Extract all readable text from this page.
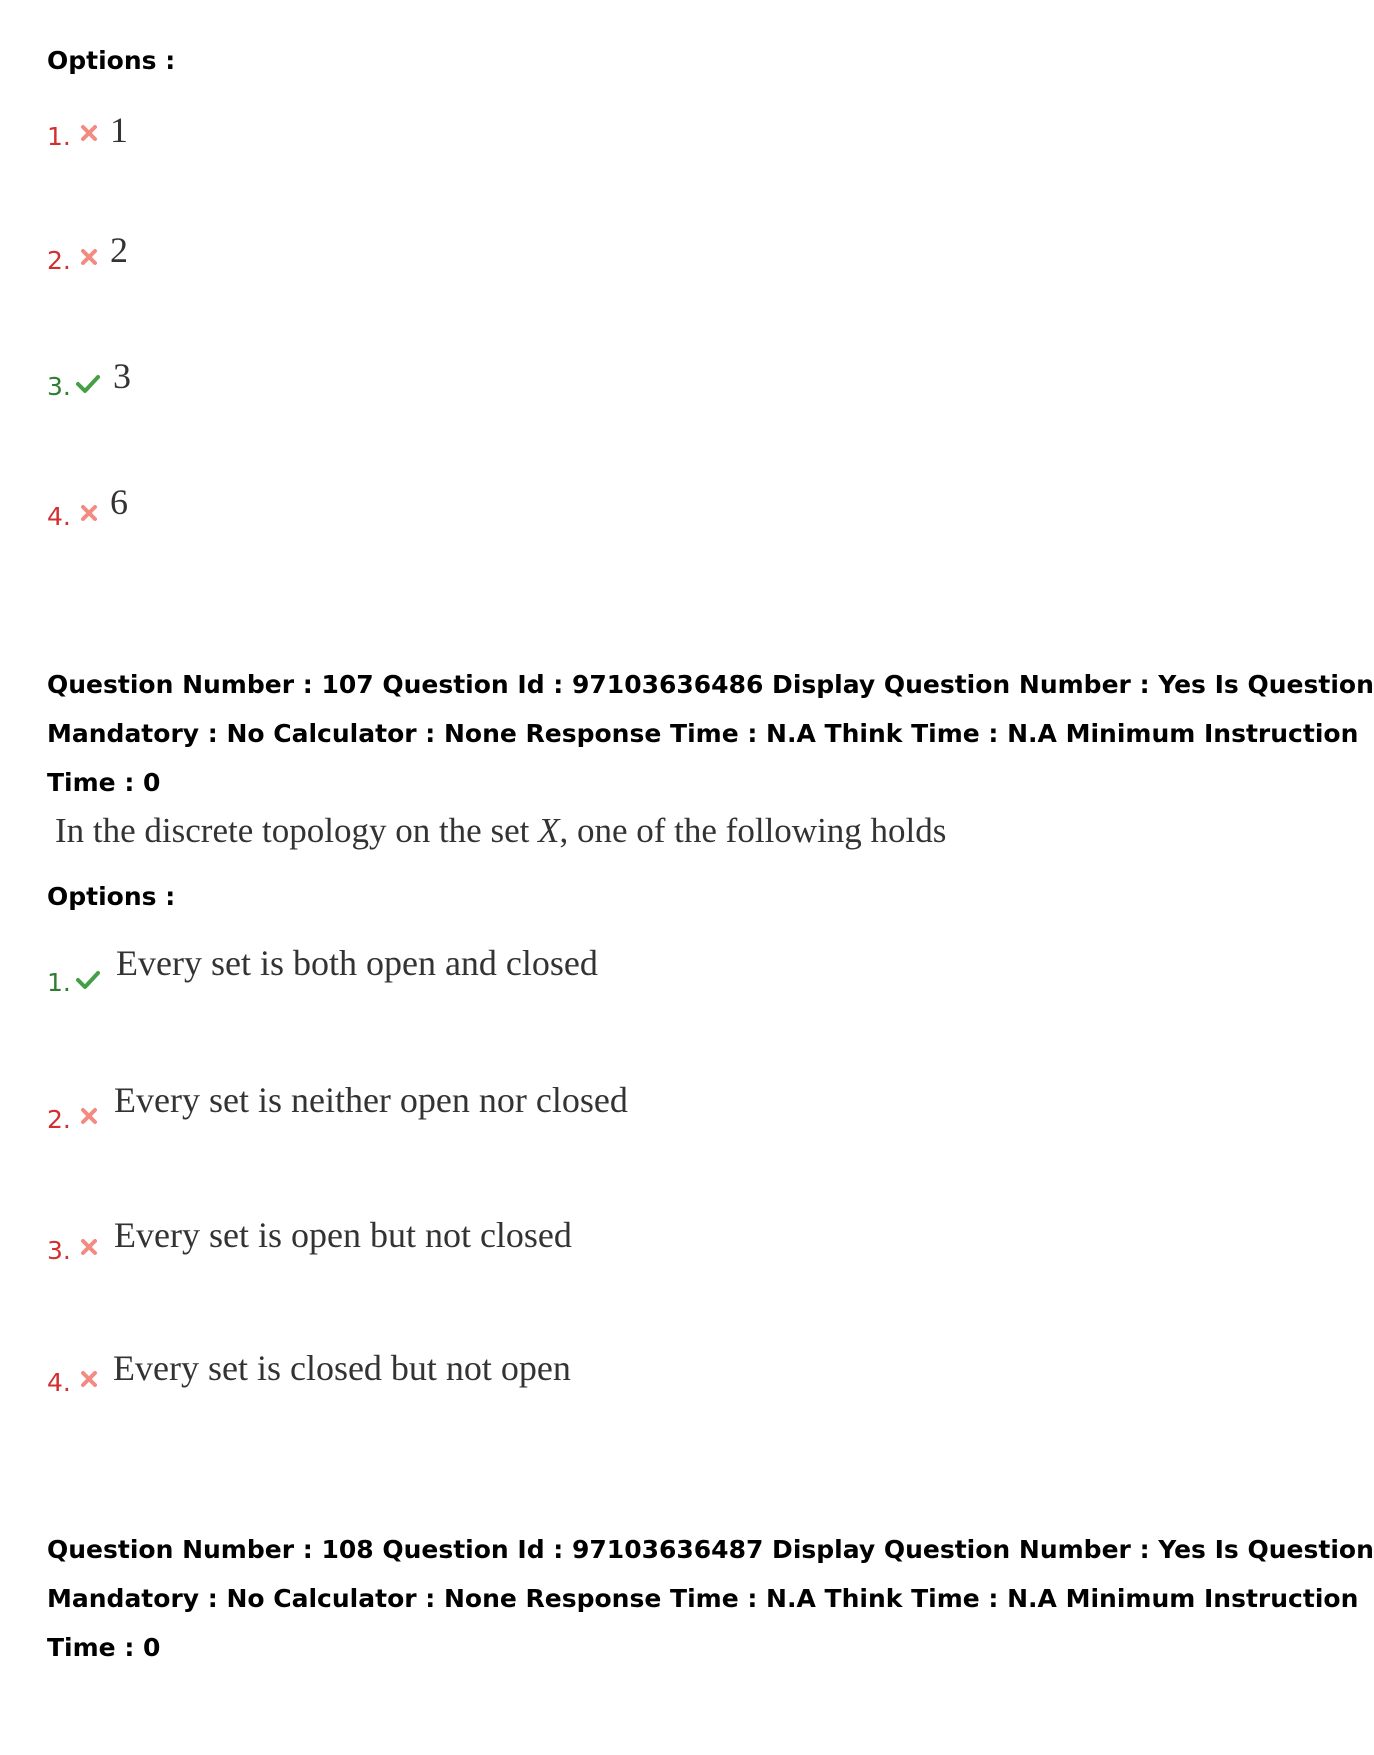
Options :
1. 1
2. 2
3. 3
4. 6
Question Number : 107 Question Id : 97103636486 Display Question Number : Yes Is Question
Mandatory : No Calculator : None Response Time : N.A Think Time : N.A Minimum Instruction
Time : 0
In the discrete topology on the set X, one of the following holds
Options :
1. Every set is both open and closed
2. Every set is neither open nor closed
3. Every set is open but not closed
4. Every set is closed but not open
Question Number : 108 Question Id : 97103636487 Display Question Number : Yes Is Question
Mandatory : No Calculator : None Response Time : N.A Think Time : N.A Minimum Instruction
Time : 0
